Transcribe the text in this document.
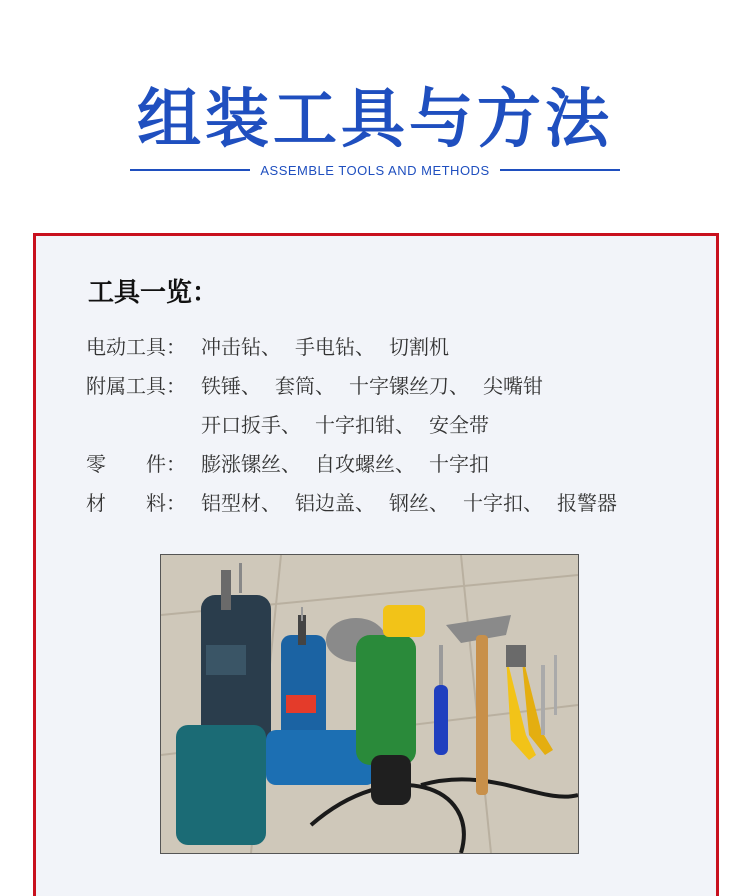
组装工具与方法
ASSEMBLE TOOLS AND METHODS
工具一览：
电动工具： 冲击钻、 手电钻、 切割机
附属工具： 铁锤、 套筒、 十字镙丝刀、 尖嘴钳
开口扳手、 十字扣钳、 安全带
零　　件： 膨涨镙丝、 自攻螺丝、 十字扣
材　　料： 铝型材、 铝边盖、 钢丝、 十字扣、 报警器
